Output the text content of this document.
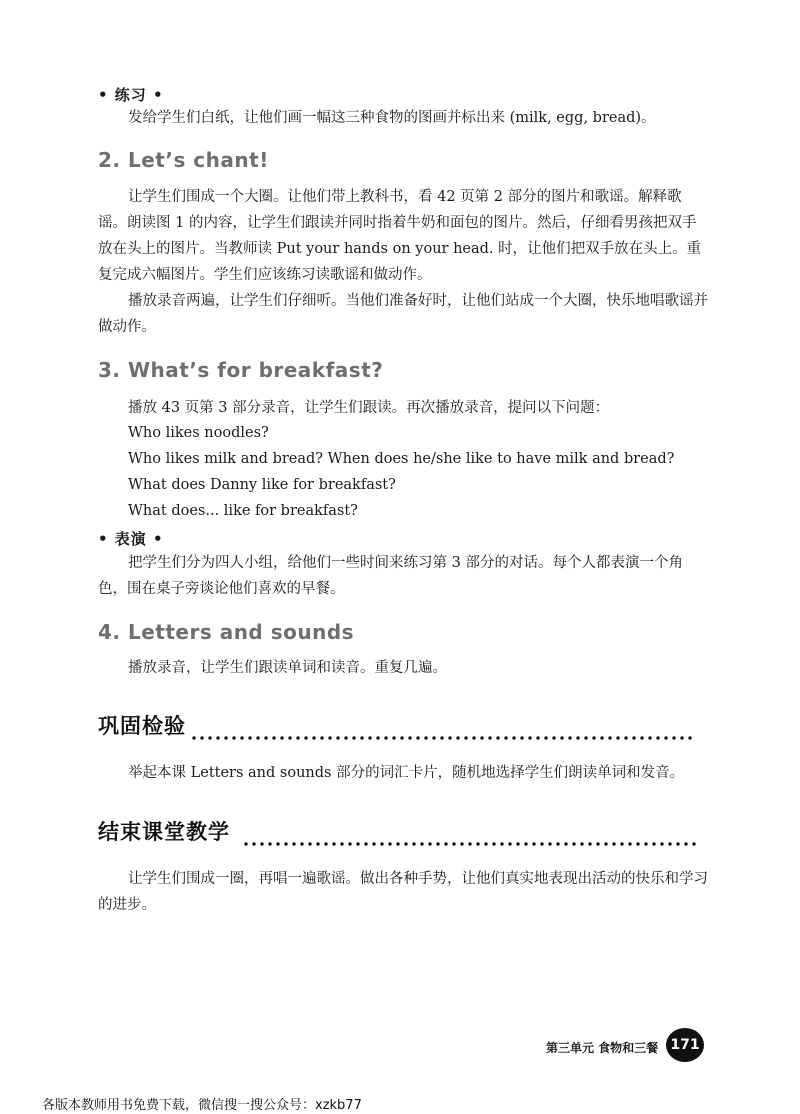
• 练习 •
发给学生们白纸，让他们画一幅这三种食物的图画并标出来 (milk, egg, bread)。
2. Let’s chant!
让学生们围成一个大圈。让他们带上教科书，看 42 页第 2 部分的图片和歌谣。解释歌谣。朗读图 1 的内容，让学生们跟读并同时指着牛奶和面包的图片。然后，仔细看男孩把双手放在头上的图片。当教师读 Put your hands on your head. 时，让他们把双手放在头上。重复完成六幅图片。学生们应该练习读歌谣和做动作。
播放录音两遍，让学生们仔细听。当他们准备好时，让他们站成一个大圈，快乐地唱歌谣并做动作。
3. What’s for breakfast?
播放 43 页第 3 部分录音，让学生们跟读。再次播放录音，提问以下问题：
Who likes noodles?
Who likes milk and bread? When does he/she like to have milk and bread?
What does Danny like for breakfast?
What does... like for breakfast?
• 表演 •
把学生们分为四人小组，给他们一些时间来练习第 3 部分的对话。每个人都表演一个角色，围在桌子旁谈论他们喜欢的早餐。
4. Letters and sounds
播放录音，让学生们跟读单词和读音。重复几遍。
巩固检验
举起本课 Letters and sounds 部分的词汇卡片，随机地选择学生们朗读单词和发音。
结束课堂教学
让学生们围成一圈，再唱一遍歌谣。做出各种手势，让他们真实地表现出活动的快乐和学习的进步。
第三单元 食物和三餐 171
各版本教师用书免费下载，微信搜一搜公众号：xzkb77
